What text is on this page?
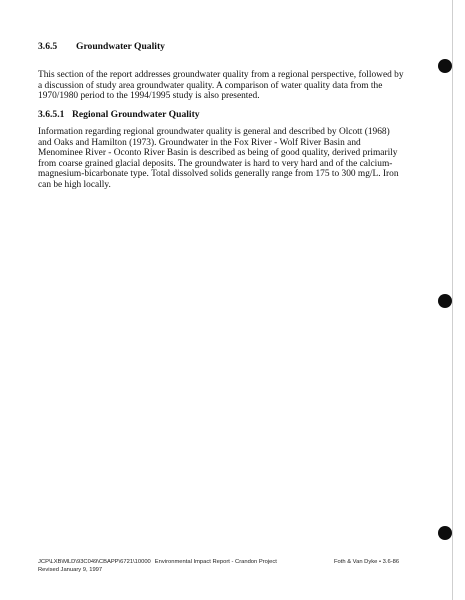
3.6.5 Groundwater Quality
This section of the report addresses groundwater quality from a regional perspective, followed by
a discussion of study area groundwater quality. A comparison of water quality data from the
1970/1980 period to the 1994/1995 study is also presented.
3.6.5.1 Regional Groundwater Quality
Information regarding regional groundwater quality is general and described by Olcott (1968)
and Oaks and Hamilton (1973). Groundwater in the Fox River - Wolf River Basin and
Menominee River - Oconto River Basin is described as being of good quality, derived primarily
from coarse grained glacial deposits. The groundwater is hard to very hard and of the calcium-
magnesium-bicarbonate type. Total dissolved solids generally range from 175 to 300 mg/L. Iron
can be high locally.
JCP\LXB\MLD\93C049\CBAPP\6721\10000 Environmental Impact Report - Crandon Project
Revised January 9, 1997
Foth & Van Dyke • 3.6-86
